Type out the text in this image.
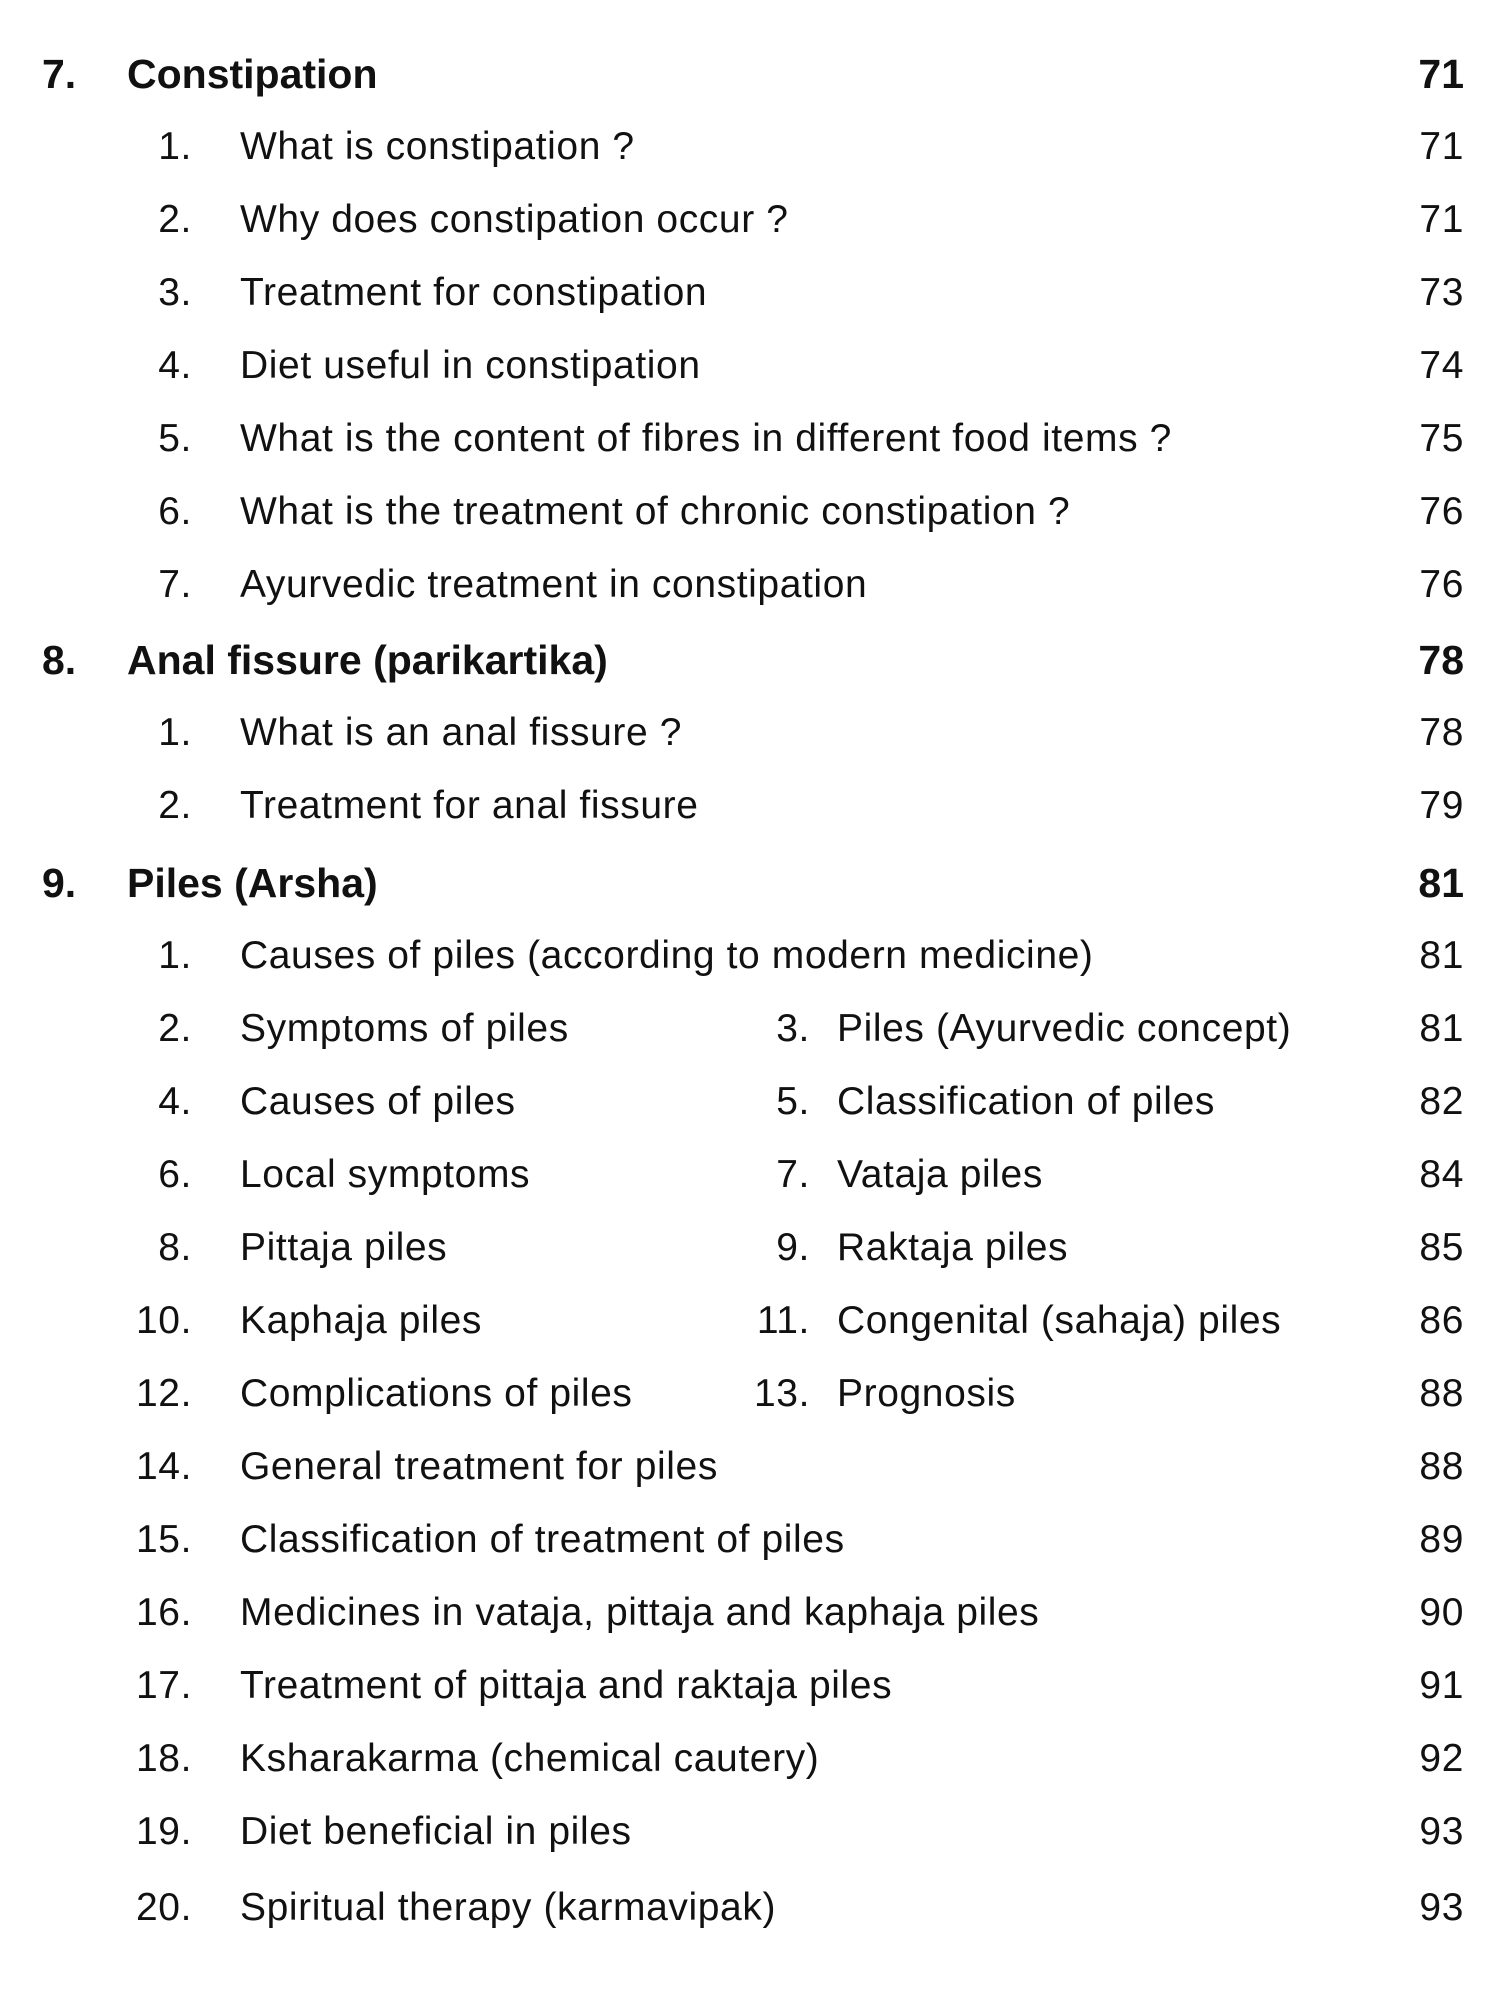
7. Constipation	71
1. What is constipation ?	71
2. Why does constipation occur ?	71
3. Treatment for constipation	73
4. Diet useful in constipation	74
5. What is the content of fibres in different food items ?	75
6. What is the treatment of chronic constipation ?	76
7. Ayurvedic treatment in constipation	76
8. Anal fissure (parikartika)	78
1. What is an anal fissure ?	78
2. Treatment for anal fissure	79
9. Piles (Arsha)	81
1. Causes of piles (according to modern medicine)	81
2. Symptoms of piles	3. Piles (Ayurvedic concept)	81
4. Causes of piles	5. Classification of piles	82
6. Local symptoms	7. Vataja piles	84
8. Pittaja piles	9. Raktaja piles	85
10. Kaphaja piles	11. Congenital (sahaja) piles	86
12. Complications of piles	13. Prognosis	88
14. General treatment for piles	88
15. Classification of treatment of piles	89
16. Medicines in vataja, pittaja and kaphaja piles	90
17. Treatment of pittaja and raktaja piles	91
18. Ksharakarma (chemical cautery)	92
19. Diet beneficial in piles	93
20. Spiritual therapy (karmavipak)	93
